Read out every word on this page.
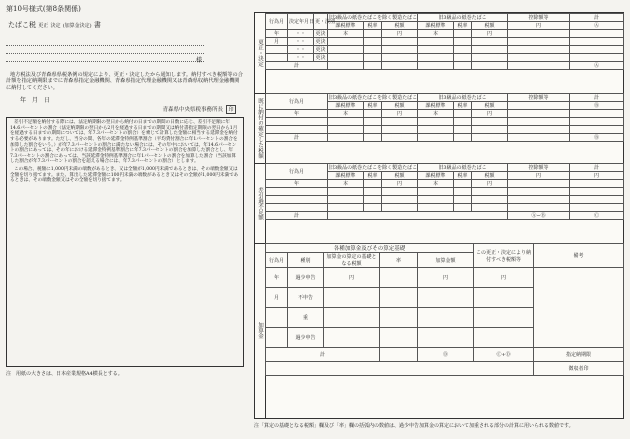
第10号様式(第8条関係)
たばこ税 更正 決定 (加算金決定) 書
様
地方税法及び青森県県税条例の規定により、更正・決定したから通知します。納付すべき税額等の合計額を指定納期限までに青森県指定金融機関、青森県指定代理金融機関又は青森県収納代理金融機関に納付してください。
年　月　日
青森県中央県税事務所長 印
差引不足額を納付する際には、法定納期限の翌日から納付の日までの期間の日数に応じ、差引不足額に年14.6パーセントの割合（法定納期限の翌日から2月を経過する日までの期間又は納付書指定期限の翌日から1月を経過する日までの期間については、年7.3パーセントの割合）を乗じて計算した金額に相当する延滞金を納付する必要があります。ただし、当分の間、各年の延滞金特例基準割合（平均貸付割合に年1パーセントの割合を加算した割合をいう。）が年7.3パーセントの割合に満たない場合には、その年中においては、年14.6パーセントの割合にあっては、その年における延滞金特例基準割合に年7.3パーセントの割合を加算した割合とし、年7.3パーセントの割合にあっては、当該延滞金特例基準割合に年1パーセントの割合を加算した割合（当該加算した割合が年7.3パーセントの割合を超える場合には、年7.3パーセントの割合）とします。
この場合、税額に1,000円未満の端数があるとき、又は全額が1,000円未満であるときは、その端数金額又は全額を切り捨てます。また、算出した延滞金額に100円未満の端数があるとき又はその全額が1,000円未満であるときは、その端数金額又はその全額を切り捨てます。
注　用紙の大きさは、日本産業規格A4横長とする。
更正・決定
行為月	決定年月日	更・決別	旧3級品の紙巻たばこを除く製造たばこ			旧3級品の紙巻たばこ			控除額等	計
			課税標準	税率	税額	課税標準	税率	税額	円	Ⓐ
年	・・	更決	本		円	本		円		
月	・・	更決								
	・・	更決								
	・・	更決								
計										Ⓐ
既に納付の確定した税額	行為月	旧3級品の紙巻たばこを除く製造たばこ			旧3級品の紙巻たばこ			控除額等	計
	課税標準	税率	税額	課税標準	税率	税額		Ⓑ
年	本		円	本		円		

計								Ⓑ
差引過不足額
行為月	旧3級品の紙巻たばこを除く製造たばこ			旧3級品の紙巻たばこ			控除額等	計
	課税標準	税率	税額	課税標準	税率	税額	円	円
年	本		円	本		円		

計							Ⓐ−Ⓑ	Ⓒ
加算金
各種加算金及びその算定基礎					この更正・決定により納付すべき税額等	備考
行為月	種別	加算金の算定の基礎となる税額	率	加算金額		
年	過少申告	円		円	円	
月	不申告					
	重					
	過少申告					
計				Ⓓ	Ⓒ+Ⓓ	指定納期限
						徴収者印
注「算定の基礎となる税額」欄及び「率」欄の括弧内の数値は、過少申告加算金の算定において加重される部分の計算に用いられる数値です。
